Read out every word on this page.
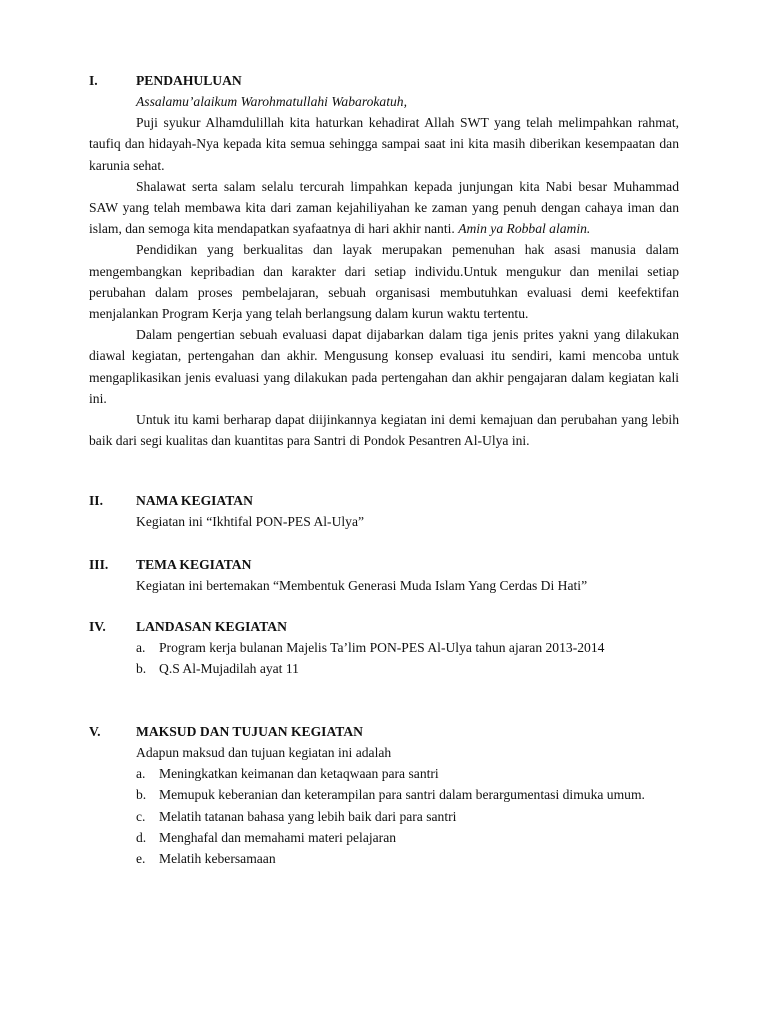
I.	PENDAHULUAN

Assalamu’alaikum Warohmatullahi Wabarokatuh,

Puji syukur Alhamdulillah kita haturkan kehadirat Allah SWT yang telah melimpahkan rahmat, taufiq dan hidayah-Nya kepada kita semua sehingga sampai saat ini kita masih diberikan kesempaatan dan karunia sehat.

Shalawat serta salam selalu tercurah limpahkan kepada junjungan kita Nabi besar Muhammad SAW yang telah membawa kita dari zaman kejahiliyahan ke zaman yang penuh dengan cahaya iman dan islam, dan semoga kita mendapatkan syafaatnya di hari akhir nanti. Amin ya Robbal alamin.

Pendidikan yang berkualitas dan layak merupakan pemenuhan hak asasi manusia dalam mengembangkan kepribadian dan karakter dari setiap individu.Untuk mengukur dan menilai setiap perubahan dalam proses pembelajaran, sebuah organisasi membutuhkan evaluasi demi keefektifan menjalankan Program Kerja yang telah berlangsung dalam kurun waktu tertentu.

Dalam pengertian sebuah evaluasi dapat dijabarkan dalam tiga jenis prites yakni yang dilakukan diawal kegiatan, pertengahan dan akhir. Mengusung konsep evaluasi itu sendiri, kami mencoba untuk mengaplikasikan jenis evaluasi yang dilakukan pada pertengahan dan akhir pengajaran dalam kegiatan kali ini.

Untuk itu kami berharap dapat diijinkannya kegiatan ini demi kemajuan dan perubahan yang lebih baik dari segi kualitas dan kuantitas para Santri di Pondok Pesantren Al-Ulya ini.

II.	NAMA KEGIATAN

Kegiatan ini “Ikhtifal PON-PES Al-Ulya”

III.	TEMA KEGIATAN

Kegiatan ini bertemakan “Membentuk Generasi Muda Islam Yang Cerdas Di Hati”

IV.	LANDASAN KEGIATAN
a. Program kerja bulanan Majelis Ta’lim PON-PES Al-Ulya tahun ajaran 2013-2014
b. Q.S Al-Mujadilah ayat 11
V.	MAKSUD DAN TUJUAN KEGIATAN

Adapun maksud dan tujuan kegiatan ini adalah

a. Meningkatkan keimanan dan ketaqwaan para santri
b. Memupuk keberanian dan keterampilan para santri dalam berargumentasi dimuka umum.
c. Melatih tatanan bahasa yang lebih baik dari para santri
d. Menghafal dan memahami materi pelajaran
e. Melatih kebersamaan
